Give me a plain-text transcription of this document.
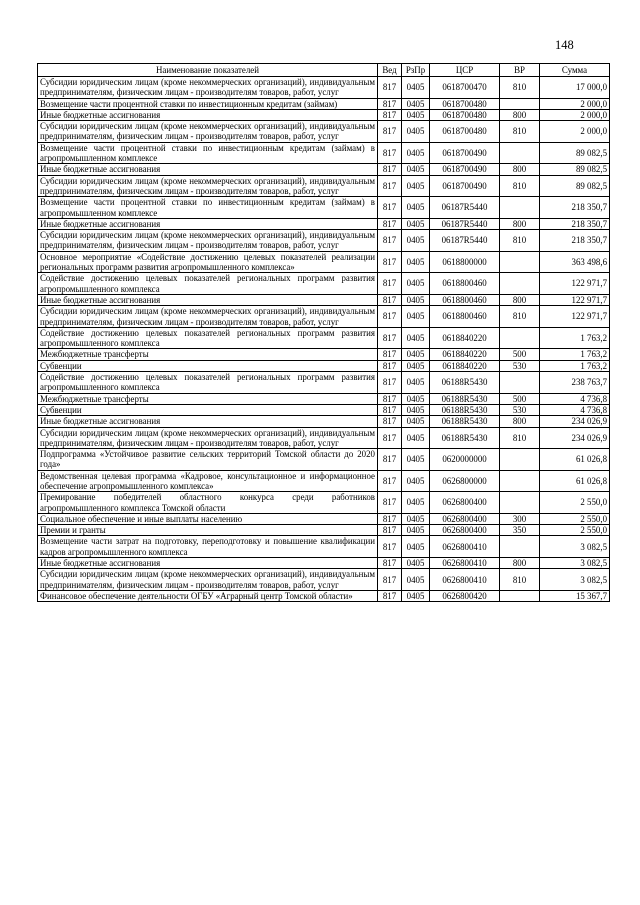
148
Наименование показателей	Вед	РзПр	ЦСР	ВР	Сумма
Субсидии юридическим лицам (кроме некоммерческих организаций), индивидуальным предпринимателям, физическим лицам - производителям товаров, работ, услуг	817	0405	0618700470	810	17 000,0
Возмещение части процентной ставки по инвестиционным кредитам (займам)	817	0405	0618700480		2 000,0
Иные бюджетные ассигнования	817	0405	0618700480	800	2 000,0
Субсидии юридическим лицам (кроме некоммерческих организаций), индивидуальным предпринимателям, физическим лицам - производителям товаров, работ, услуг	817	0405	0618700480	810	2 000,0
Возмещение части процентной ставки по инвестиционным кредитам (займам) в агропромышленном комплексе	817	0405	0618700490		89 082,5
Иные бюджетные ассигнования	817	0405	0618700490	800	89 082,5
Субсидии юридическим лицам (кроме некоммерческих организаций), индивидуальным предпринимателям, физическим лицам - производителям товаров, работ, услуг	817	0405	0618700490	810	89 082,5
Возмещение части процентной ставки по инвестиционным кредитам (займам) в агропромышленном комплексе	817	0405	06187R5440		218 350,7
Иные бюджетные ассигнования	817	0405	06187R5440	800	218 350,7
Субсидии юридическим лицам (кроме некоммерческих организаций), индивидуальным предпринимателям, физическим лицам - производителям товаров, работ, услуг	817	0405	06187R5440	810	218 350,7
Основное мероприятие «Содействие достижению целевых показателей реализации региональных программ развития агропромышленного комплекса»	817	0405	0618800000		363 498,6
Содействие достижению целевых показателей региональных программ развития агропромышленного комплекса	817	0405	0618800460		122 971,7
Иные бюджетные ассигнования	817	0405	0618800460	800	122 971,7
Субсидии юридическим лицам (кроме некоммерческих организаций), индивидуальным предпринимателям, физическим лицам - производителям товаров, работ, услуг	817	0405	0618800460	810	122 971,7
Содействие достижению целевых показателей региональных программ развития агропромышленного комплекса	817	0405	0618840220		1 763,2
Межбюджетные трансферты	817	0405	0618840220	500	1 763,2
Субвенции	817	0405	0618840220	530	1 763,2
Содействие достижению целевых показателей региональных программ развития агропромышленного комплекса	817	0405	06188R5430		238 763,7
Межбюджетные трансферты	817	0405	06188R5430	500	4 736,8
Субвенции	817	0405	06188R5430	530	4 736,8
Иные бюджетные ассигнования	817	0405	06188R5430	800	234 026,9
Субсидии юридическим лицам (кроме некоммерческих организаций), индивидуальным предпринимателям, физическим лицам - производителям товаров, работ, услуг	817	0405	06188R5430	810	234 026,9
Подпрограмма «Устойчивое развитие сельских территорий Томской области до 2020 года»	817	0405	0620000000		61 026,8
Ведомственная целевая программа «Кадровое, консультационное и информационное обеспечение агропромышленного комплекса»	817	0405	0626800000		61 026,8
Премирование победителей областного конкурса среди работников агропромышленного комплекса Томской области	817	0405	0626800400		2 550,0
Социальное обеспечение и иные выплаты населению	817	0405	0626800400	300	2 550,0
Премии и гранты	817	0405	0626800400	350	2 550,0
Возмещение части затрат на подготовку, переподготовку и повышение квалификации кадров агропромышленного комплекса	817	0405	0626800410		3 082,5
Иные бюджетные ассигнования	817	0405	0626800410	800	3 082,5
Субсидии юридическим лицам (кроме некоммерческих организаций), индивидуальным предпринимателям, физическим лицам - производителям товаров, работ, услуг	817	0405	0626800410	810	3 082,5
Финансовое обеспечение деятельности ОГБУ «Аграрный центр Томской области»	817	0405	0626800420		15 367,7
